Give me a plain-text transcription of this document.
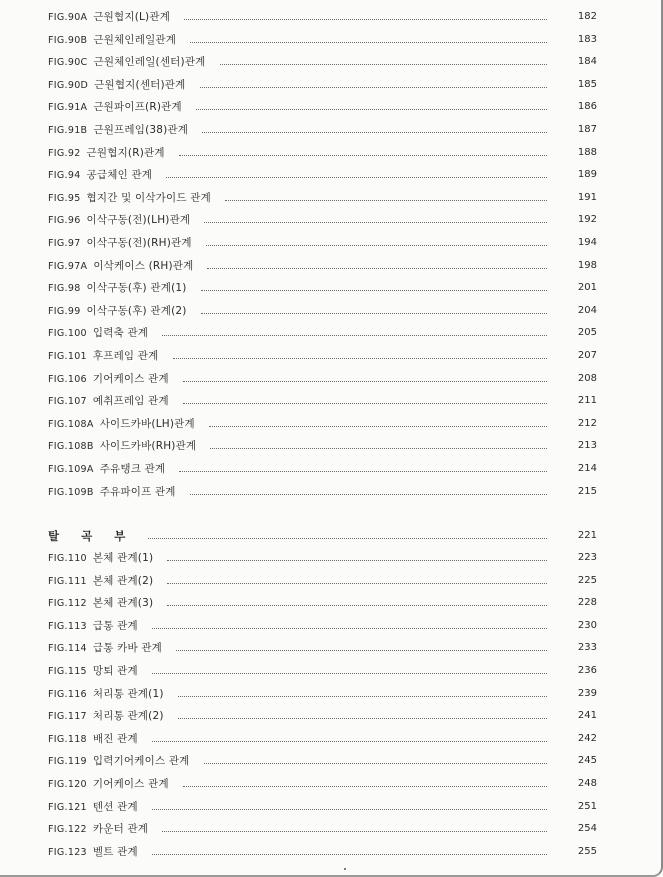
FIG.90A 근원협지(L)관계	182
FIG.90B 근원체인레일관계	183
FIG.90C 근원체인레일(센터)관계	184
FIG.90D 근원협지(센터)관계	185
FIG.91A 근원파이프(R)관계	186
FIG.91B 근원프레임(38)관계	187
FIG.92 근원협지(R)관계	188
FIG.94 공급체인 관계	189
FIG.95 협지간 및 이삭가이드 관계	191
FIG.96 이삭구동(전)(LH)관계	192
FIG.97 이삭구동(전)(RH)관계	194
FIG.97A 이삭케이스 (RH)관계	198
FIG.98 이삭구동(후) 관계(1)	201
FIG.99 이삭구동(후) 관계(2)	204
FIG.100 입력축 관계	205
FIG.101 후프레임 관계	207
FIG.106 기어케이스 관계	208
FIG.107 예취프레임 관계	211
FIG.108A 사이드카바(LH)관계	212
FIG.108B 사이드카바(RH)관계	213
FIG.109A 주유탱크 관계	214
FIG.109B 주유파이프 관계	215
탈 곡 부	221
FIG.110 본체 관계(1)	223
FIG.111 본체 관계(2)	225
FIG.112 본체 관계(3)	228
FIG.113 급통 관계	230
FIG.114 급통 카바 관계	233
FIG.115 망퇴 관계	236
FIG.116 처리통 관계(1)	239
FIG.117 처리통 관계(2)	241
FIG.118 배진 관계	242
FIG.119 입력기어케이스 관계	245
FIG.120 기어케이스 관계	248
FIG.121 텐션 관계	251
FIG.122 카운터 관계	254
FIG.123 벨트 관계	255
